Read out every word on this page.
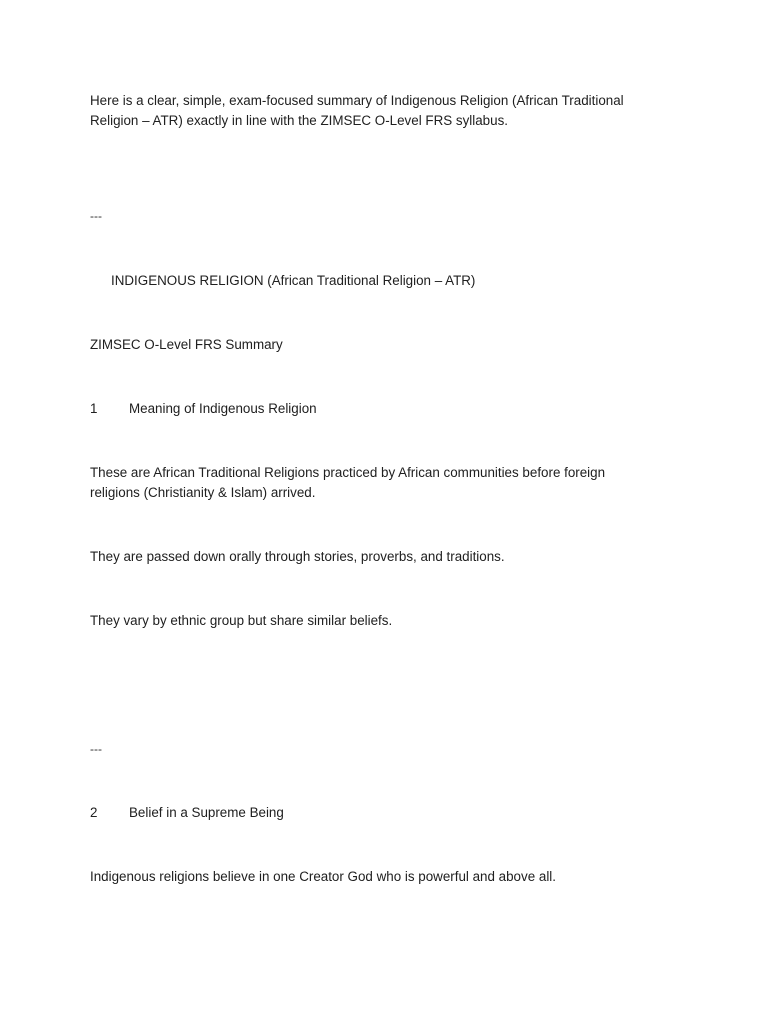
Here is a clear, simple, exam-focused summary of Indigenous Religion (African Traditional
Religion – ATR) exactly in line with the ZIMSEC O-Level FRS syllabus.
---
INDIGENOUS RELIGION (African Traditional Religion – ATR)
ZIMSEC O-Level FRS Summary
1 Meaning of Indigenous Religion
These are African Traditional Religions practiced by African communities before foreign
religions (Christianity & Islam) arrived.
They are passed down orally through stories, proverbs, and traditions.
They vary by ethnic group but share similar beliefs.
---
2 Belief in a Supreme Being
Indigenous religions believe in one Creator God who is powerful and above all.
